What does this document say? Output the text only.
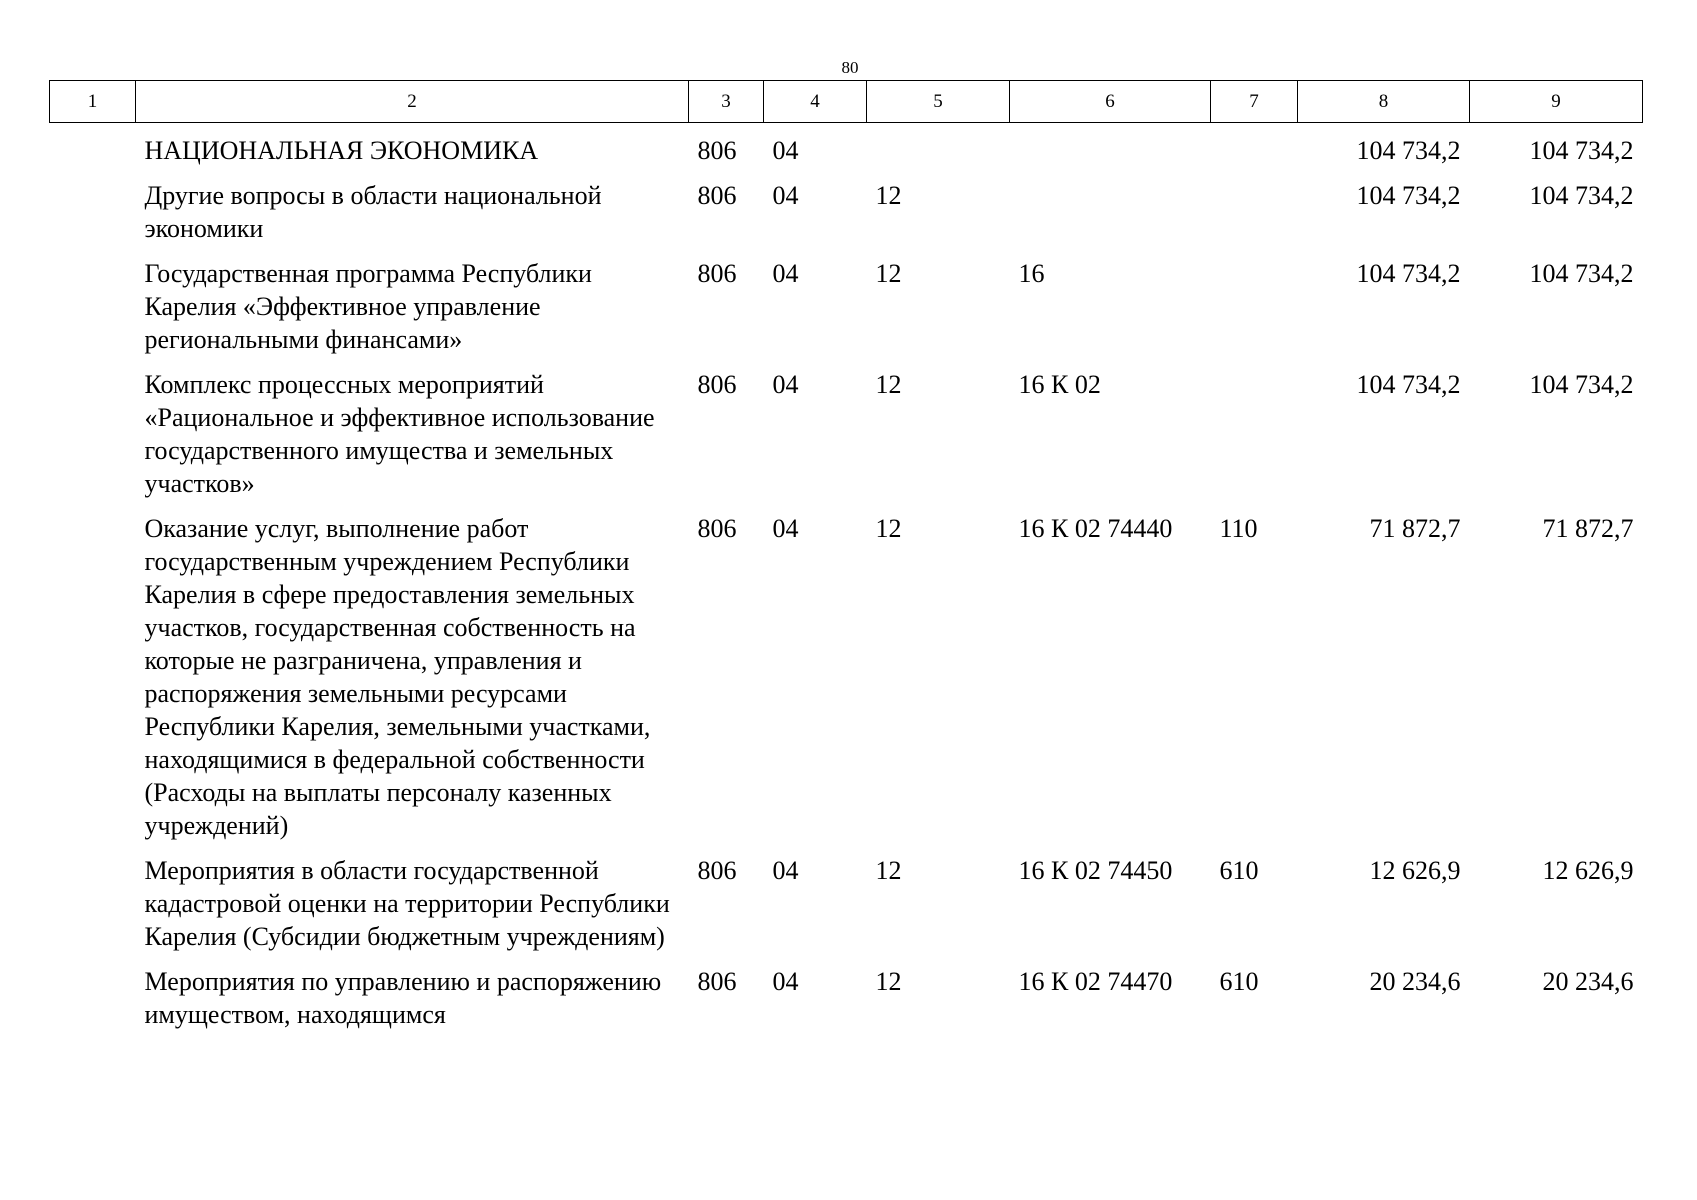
80
1	2	3	4	5	6	7	8	9
	НАЦИОНАЛЬНАЯ ЭКОНОМИКА	806	04				104 734,2	104 734,2
	Другие вопросы в области национальной экономики	806	04	12			104 734,2	104 734,2
	Государственная программа Республики Карелия «Эффективное управление региональными финансами»	806	04	12	16		104 734,2	104 734,2
	Комплекс процессных мероприятий «Рациональное и эффективное использование государственного имущества и земельных участков»	806	04	12	16 К 02		104 734,2	104 734,2
	Оказание услуг, выполнение работ государственным учреждением Республики Карелия в сфере предоставления земельных участков, государственная собственность на которые не разграничена, управления и распоряжения земельными ресурсами Республики Карелия, земельными участками, находящимися в федеральной собственности (Расходы на выплаты персоналу казенных учреждений)	806	04	12	16 К 02 74440	110	71 872,7	71 872,7
	Мероприятия в области государственной кадастровой оценки на территории Республики Карелия (Субсидии бюджетным учреждениям)	806	04	12	16 К 02 74450	610	12 626,9	12 626,9
	Мероприятия по управлению и распоряжению имуществом, находящимся	806	04	12	16 К 02 74470	610	20 234,6	20 234,6
